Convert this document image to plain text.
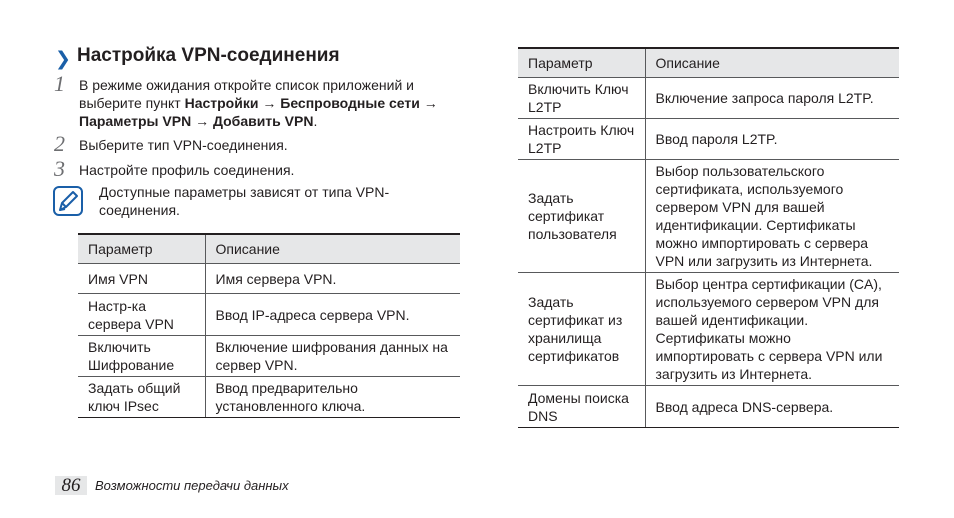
❯ Настройка VPN-соединения
1 В режиме ожидания откройте список приложений и выберите пункт Настройки → Беспроводные сети → Параметры VPN → Добавить VPN.
2 Выберите тип VPN-соединения.
3 Настройте профиль соединения.
Доступные параметры зависят от типа VPN-соединения.
Параметр	Описание
Имя VPN	Имя сервера VPN.
Настр-ка сервера VPN	Ввод IP-адреса сервера VPN.
Включить Шифрование	Включение шифрования данных на сервер VPN.
Задать общий ключ IPsec	Ввод предварительно установленного ключа.
Параметр	Описание
Включить Ключ L2TP	Включение запроса пароля L2TP.
Настроить Ключ L2TP	Ввод пароля L2TP.
Задать сертификат пользователя	Выбор пользовательского сертификата, используемого сервером VPN для вашей идентификации. Сертификаты можно импортировать с сервера VPN или загрузить из Интернета.
Задать сертификат из хранилища сертификатов	Выбор центра сертификации (CA), используемого сервером VPN для вашей идентификации. Сертификаты можно импортировать с сервера VPN или загрузить из Интернета.
Домены поиска DNS	Ввод адреса DNS-сервера.
86	Возможности передачи данных
